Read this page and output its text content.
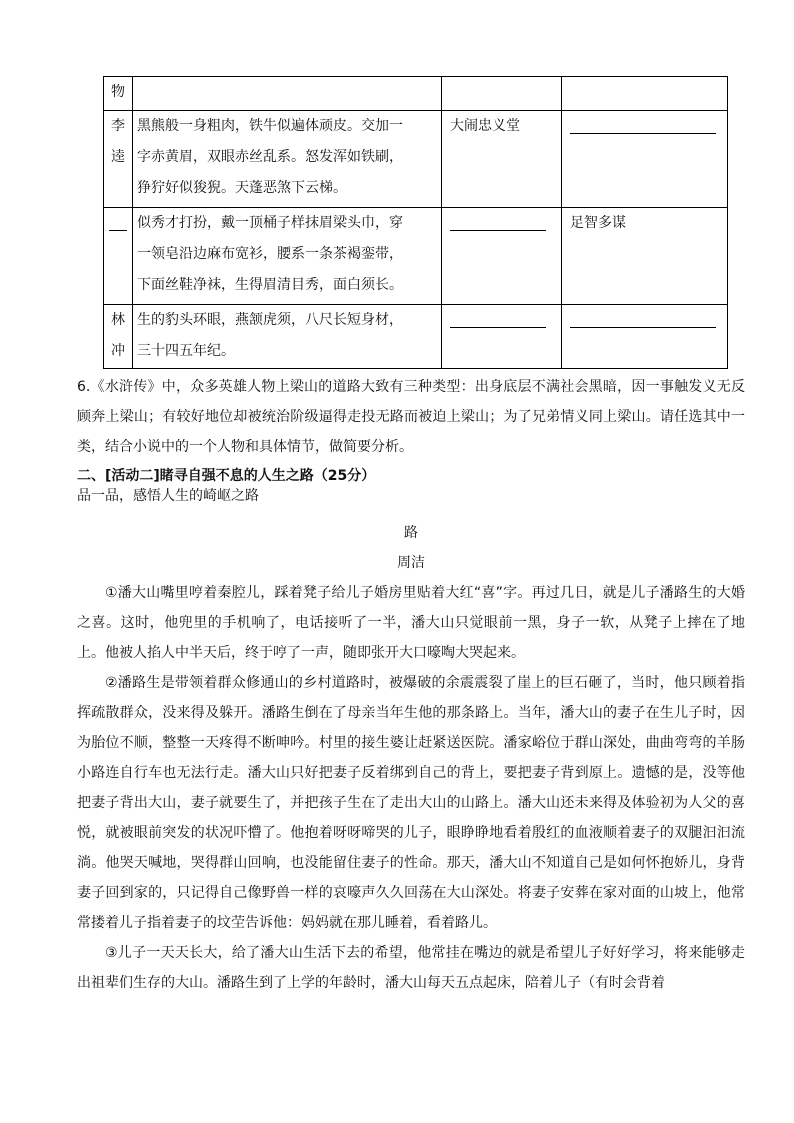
物			

李
逵	黑熊般一身粗肉，铁牛似遍体顽皮。交加一
字赤黄眉，双眼赤丝乱系。怒发浑如铁刷，
狰狞好似狻猊。天蓬恶煞下云梯。	大闹忠义堂	

	似秀才打扮，戴一顶桶子样抹眉梁头巾，穿
一领皂沿边麻布宽衫，腰系一条茶褐銮带，
下面丝鞋净袜，生得眉清目秀，面白须长。		足智多谋

林
冲	生的豹头环眼，燕颔虎须，八尺长短身材，
三十四五年纪。		

6.《水浒传》中，众多英雄人物上梁山的道路大致有三种类型：出身底层不满社会黑暗，因一事触发义无反顾奔上梁山；有较好地位却被统治阶级逼得走投无路而被迫上梁山；为了兄弟情义同上梁山。请任选其中一类，结合小说中的一个人物和具体情节，做简要分析。

二、[活动二]睹寻自强不息的人生之路（25分）

品一品，感悟人生的崎岖之路

路

周洁

①潘大山嘴里哼着秦腔儿，踩着凳子给儿子婚房里贴着大红“喜”字。再过几日，就是儿子潘路生的大婚之喜。这时，他兜里的手机响了，电话接听了一半，潘大山只觉眼前一黑，身子一软，从凳子上摔在了地上。他被人掐人中半天后，终于哼了一声，随即张开大口嚎啕大哭起来。

②潘路生是带领着群众修通山的乡村道路时，被爆破的余震震裂了崖上的巨石砸了，当时，他只顾着指挥疏散群众，没来得及躲开。潘路生倒在了母亲当年生他的那条路上。当年，潘大山的妻子在生儿子时，因为胎位不顺，整整一天疼得不断呻吟。村里的接生婆让赶紧送医院。潘家峪位于群山深处，曲曲弯弯的羊肠小路连自行车也无法行走。潘大山只好把妻子反着绑到自己的背上，要把妻子背到原上。遗憾的是，没等他把妻子背出大山，妻子就要生了，并把孩子生在了走出大山的山路上。潘大山还未来得及体验初为人父的喜悦，就被眼前突发的状况吓懵了。他抱着呀呀啼哭的儿子，眼睁睁地看着殷红的血液顺着妻子的双腿汩汩流淌。他哭天喊地，哭得群山回响，也没能留住妻子的性命。那天，潘大山不知道自己是如何怀抱娇儿，身背妻子回到家的，只记得自己像野兽一样的哀嚎声久久回荡在大山深处。将妻子安葬在家对面的山坡上，他常常搂着儿子指着妻子的坟茔告诉他：妈妈就在那儿睡着，看着路儿。

③儿子一天天长大，给了潘大山生活下去的希望，他常挂在嘴边的就是希望儿子好好学习，将来能够走出祖辈们生存的大山。潘路生到了上学的年龄时，潘大山每天五点起床，陪着儿子（有时会背着
